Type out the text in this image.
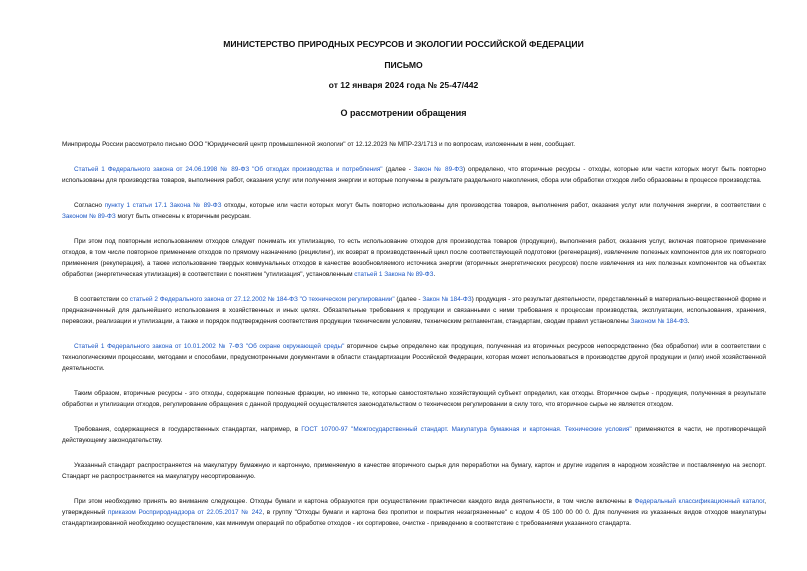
МИНИСТЕРСТВО ПРИРОДНЫХ РЕСУРСОВ И ЭКОЛОГИИ РОССИЙСКОЙ ФЕДЕРАЦИИ
ПИСЬМО
от 12 января 2024 года № 25-47/442
О рассмотрении обращения

Минприроды России рассмотрело письмо ООО "Юридический центр промышленной экологии" от 12.12.2023 № МПР-23/1713 и по вопросам, изложенным в нем, сообщает.

Статьей 1 Федерального закона от 24.06.1998 № 89-ФЗ "Об отходах производства и потребления" (далее - Закон № 89-ФЗ) определено, что вторичные ресурсы - отходы, которые или части которых могут быть повторно использованы для производства товаров, выполнения работ, оказания услуг или получения энергии и которые получены в результате раздельного накопления, сбора или обработки отходов либо образованы в процессе производства.

Согласно пункту 1 статьи 17.1 Закона № 89-ФЗ отходы, которые или части которых могут быть повторно использованы для производства товаров, выполнения работ, оказания услуг или получения энергии, в соответствии с Законом № 89-ФЗ могут быть отнесены к вторичным ресурсам.

При этом под повторным использованием отходов следует понимать их утилизацию, то есть использование отходов для производства товаров (продукции), выполнения работ, оказания услуг, включая повторное применение отходов, в том числе повторное применение отходов по прямому назначению (рециклинг), их возврат в производственный цикл после соответствующей подготовки (регенерация), извлечение полезных компонентов для их повторного применения (рекуперация), а также использование твердых коммунальных отходов в качестве возобновляемого источника энергии (вторичных энергетических ресурсов) после извлечения из них полезных компонентов на объектах обработки (энергетическая утилизация) в соответствии с понятием "утилизация", установленным статьей 1 Закона № 89-ФЗ.

В соответствии со статьей 2 Федерального закона от 27.12.2002 № 184-ФЗ "О техническом регулировании" (далее - Закон № 184-ФЗ) продукция - это результат деятельности, представленный в материально-вещественной форме и предназначенный для дальнейшего использования в хозяйственных и иных целях. Обязательные требования к продукции и связанными с ними требования к процессам производства, эксплуатации, использования, хранения, перевозки, реализации и утилизации, а также и порядок подтверждения соответствия продукции техническим условиям, техническим регламентам, стандартам, сводам правил установлены Законом № 184-ФЗ.

Статьей 1 Федерального закона от 10.01.2002 № 7-ФЗ "Об охране окружающей среды" вторичное сырье определено как продукция, полученная из вторичных ресурсов непосредственно (без обработки) или в соответствии с технологическими процессами, методами и способами, предусмотренными документами в области стандартизации Российской Федерации, которая может использоваться в производстве другой продукции и (или) иной хозяйственной деятельности.

Таким образом, вторичные ресурсы - это отходы, содержащие полезные фракции, но именно те, которые самостоятельно хозяйствующий субъект определил, как отходы. Вторичное сырье - продукция, полученная в результате обработки и утилизации отходов, регулирование обращения с данной продукцией осуществляется законодательством о техническом регулировании в силу того, что вторичное сырье не является отходом.

Требования, содержащиеся в государственных стандартах, например, в ГОСТ 10700-97 "Межгосударственный стандарт. Макулатура бумажная и картонная. Технические условия" применяются в части, не противоречащей действующему законодательству.

Указанный стандарт распространяется на макулатуру бумажную и картонную, применяемую в качестве вторичного сырья для переработки на бумагу, картон и другие изделия в народном хозяйстве и поставляемую на экспорт. Стандарт не распространяется на макулатуру несортированную.

При этом необходимо принять во внимание следующее. Отходы бумаги и картона образуются при осуществлении практически каждого вида деятельности, в том числе включены в Федеральный классификационный каталог, утвержденный приказом Росприроднадзора от 22.05.2017 № 242, в группу "Отходы бумаги и картона без пропитки и покрытия незагрязненные" с кодом 4 05 100 00 00 0. Для получения из указанных видов отходов макулатуры стандартизированной необходимо осуществление, как минимум операций по обработке отходов - их сортировке, очистке - приведению в соответствие с требованиями указанного стандарта.
